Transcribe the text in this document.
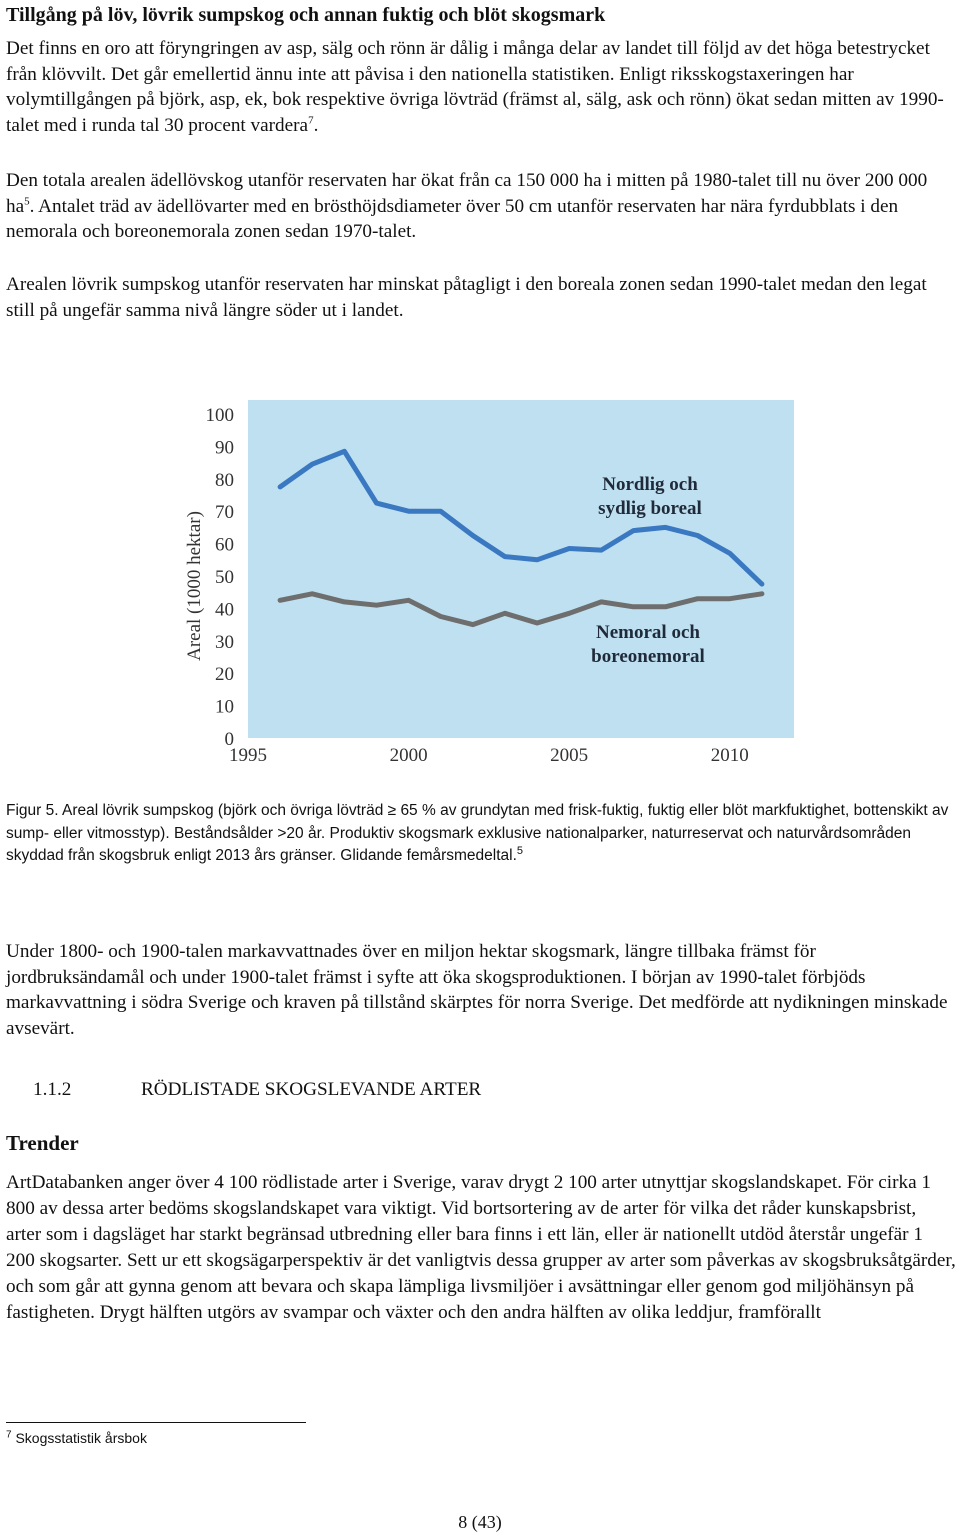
Tillgång på löv, lövrik sumpskog och annan fuktig och blöt skogsmark

Det finns en oro att föryngringen av asp, sälg och rönn är dålig i många delar av landet till följd av det höga betestrycket från klövvilt. Det går emellertid ännu inte att påvisa i den nationella statistiken. Enligt riksskogstaxeringen har volymtillgången på björk, asp, ek, bok respektive övriga lövträd (främst al, sälg, ask och rönn) ökat sedan mitten av 1990-talet med i runda tal 30 procent vardera$^7$.

Den totala arealen ädellövskog utanför reservaten har ökat från ca 150 000 ha i mitten på 1980-talet till nu över 200 000 $ha^5$. Antalet träd av ädellövarter med en brösthöjdsdiameter över 50 cm utanför reservaten har nära fyrdubblats i den nemorala och boreonemorala zonen sedan 1970-talet.

Arealen lövrik sumpskog utanför reservaten har minskat påtagligt i den boreala zonen sedan 1990-talet medan den legat still på ungefär samma nivå längre söder ut i landet.

0
10
20
30
40
50
60
70
80
90
100
1995	2000	2005	2010
Areal (1000 hektar)
Nordlig och sydlig boreal
Nemoral och boreonemoral

Figur 5. Areal lövrik sumpskog (björk och övriga lövträd ≥ 65 % av grundytan med frisk-fuktig, fuktig eller blöt markfuktighet, bottenskikt av sump- eller vitmosstyp). Beståndsålder >20 år. Produktiv skogsmark exklusive nationalparker, naturreservat och naturvårdsområden skyddad från skogsbruk enligt 2013 års gränser. Glidande femårsmedeltal.$^5$

Under 1800- och 1900-talen markavvattnades över en miljon hektar skogsmark, längre tillbaka främst för jordbruksändamål och under 1900-talet främst i syfte att öka skogsproduktionen. I början av 1990-talet förbjöds markavvattning i södra Sverige och kraven på tillstånd skärptes för norra Sverige. Det medförde att nydikningen minskade avsevärt.

1.1.2	RÖDLISTADE SKOGSLEVANDE ARTER
Trender

ArtDatabanken anger över 4 100 rödlistade arter i Sverige, varav drygt 2 100 arter utnyttjar skogslandskapet. För cirka 1 800 av dessa arter bedöms skogslandskapet vara viktigt. Vid bortsortering av de arter för vilka det råder kunskapsbrist, arter som i dagsläget har starkt begränsad utbredning eller bara finns i ett län, eller är nationellt utdöd återstår ungefär 1 200 skogsarter. Sett ur ett skogsägarperspektiv är det vanligtvis dessa grupper av arter som påverkas av skogsbruksåtgärder, och som går att gynna genom att bevara och skapa lämpliga livsmiljöer i avsättningar eller genom god miljöhänsyn på fastigheten. Drygt hälften utgörs av svampar och växter och den andra hälften av olika leddjur, framförallt

$^7$ Skogsstatistik årsbok
8 (43)
